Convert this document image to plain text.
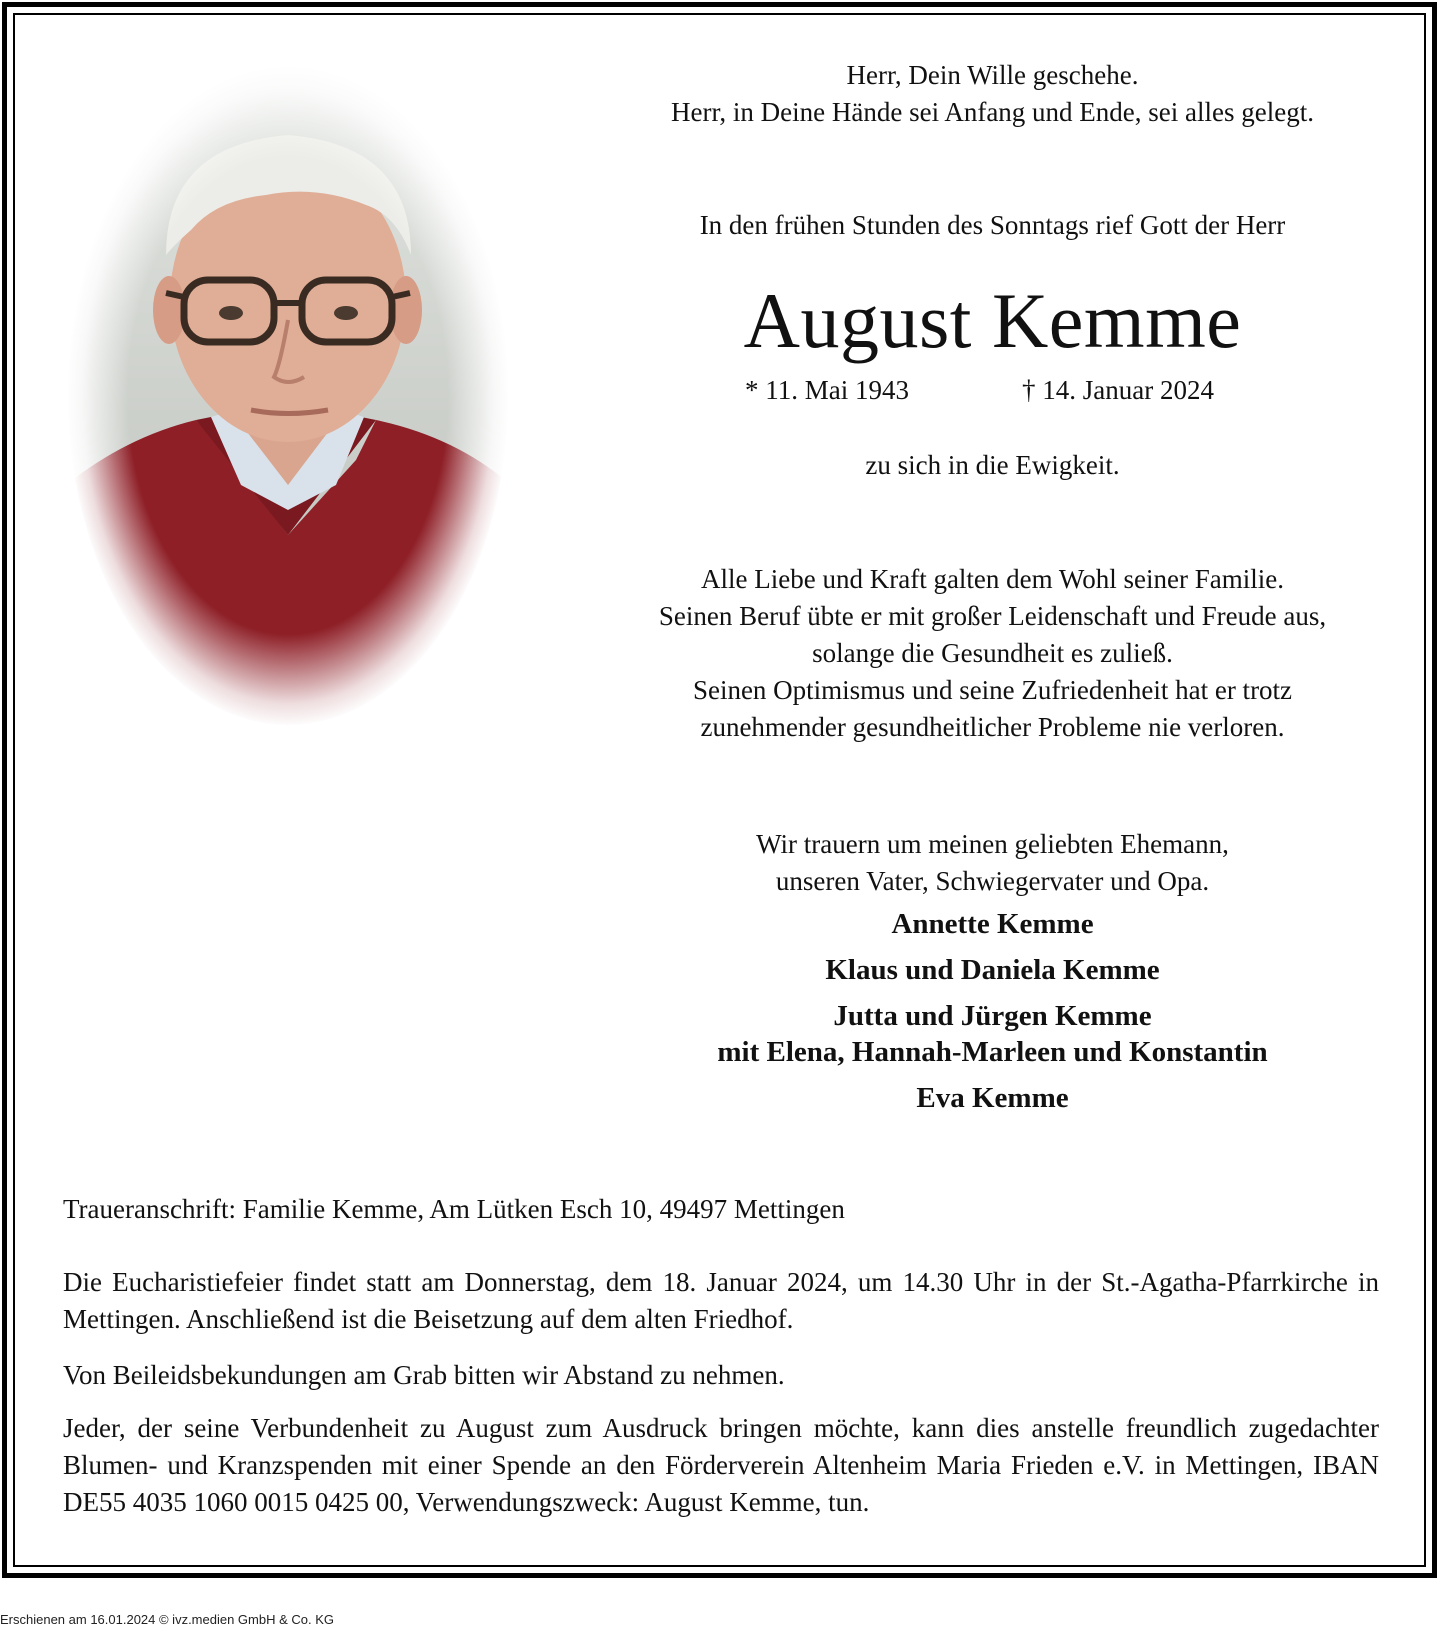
Herr, Dein Wille geschehe.

Herr, in Deine Hände sei Anfang und Ende, sei alles gelegt.

In den frühen Stunden des Sonntags rief Gott der Herr

August Kemme

* 11. Mai 1943	† 14. Januar 2024

zu sich in die Ewigkeit.

Alle Liebe und Kraft galten dem Wohl seiner Familie.

Seinen Beruf übte er mit großer Leidenschaft und Freude aus,

solange die Gesundheit es zuließ.

Seinen Optimismus und seine Zufriedenheit hat er trotz

zunehmender gesundheitlicher Probleme nie verloren.

Wir trauern um meinen geliebten Ehemann,

unseren Vater, Schwiegervater und Opa.

Annette Kemme

Klaus und Daniela Kemme

Jutta und Jürgen Kemme

mit Elena, Hannah-Marleen und Konstantin

Eva Kemme

Traueranschrift: Familie Kemme, Am Lütken Esch 10, 49497 Mettingen

Die Eucharistiefeier findet statt am Donnerstag, dem 18. Januar 2024, um 14.30 Uhr in der St.-Agatha-Pfarrkirche in Mettingen. Anschließend ist die Beisetzung auf dem alten Friedhof.

Von Beileidsbekundungen am Grab bitten wir Abstand zu nehmen.

Jeder, der seine Verbundenheit zu August zum Ausdruck bringen möchte, kann dies anstelle freundlich zugedachter Blumen- und Kranzspenden mit einer Spende an den Förderverein Altenheim Maria Frieden e.V. in Mettingen, IBAN DE55 4035 1060 0015 0425 00, Verwendungszweck: August Kemme, tun.

Erschienen am 16.01.2024 © ivz.medien GmbH & Co. KG
